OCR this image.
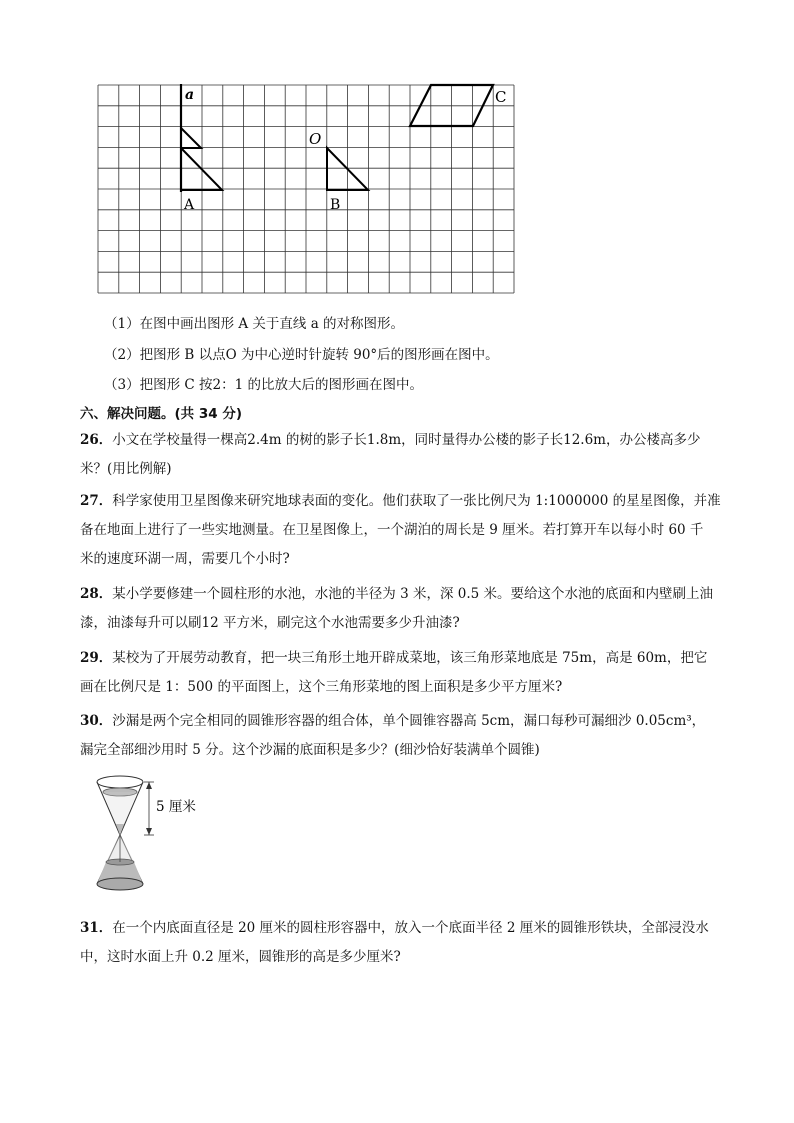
a	C
O
A	B
（1）在图中画出图形 A 关于直线 a 的对称图形。
（2）把图形 B 以点O 为中心逆时针旋转 90°后的图形画在图中。
（3）把图形 C 按2：1 的比放大后的图形画在图中。
六、解决问题。(共 34 分)
26．小文在学校量得一棵高2.4m 的树的影子长1.8m，同时量得办公楼的影子长12.6m，办公楼高多少
米？(用比例解)
27．科学家使用卫星图像来研究地球表面的变化。他们获取了一张比例尺为 1:1000000 的星星图像，并准
备在地面上进行了一些实地测量。在卫星图像上，一个湖泊的周长是 9 厘米。若打算开车以每小时 60 千
米的速度环湖一周，需要几个小时?
28．某小学要修建一个圆柱形的水池，水池的半径为 3 米，深 0.5 米。要给这个水池的底面和内壁刷上油
漆，油漆每升可以刷12 平方米，刷完这个水池需要多少升油漆?
29．某校为了开展劳动教育，把一块三角形土地开辟成菜地，该三角形菜地底是 75m，高是 60m，把它
画在比例尺是 1：500 的平面图上，这个三角形菜地的图上面积是多少平方厘米?
30．沙漏是两个完全相同的圆锥形容器的组合体，单个圆锥容器高 5cm，漏口每秒可漏细沙 0.05cm³，
漏完全部细沙用时 5 分。这个沙漏的底面积是多少？(细沙恰好装满单个圆锥)
5 厘米
31．在一个内底面直径是 20 厘米的圆柱形容器中，放入一个底面半径 2 厘米的圆锥形铁块，全部浸没水
中，这时水面上升 0.2 厘米，圆锥形的高是多少厘米?
